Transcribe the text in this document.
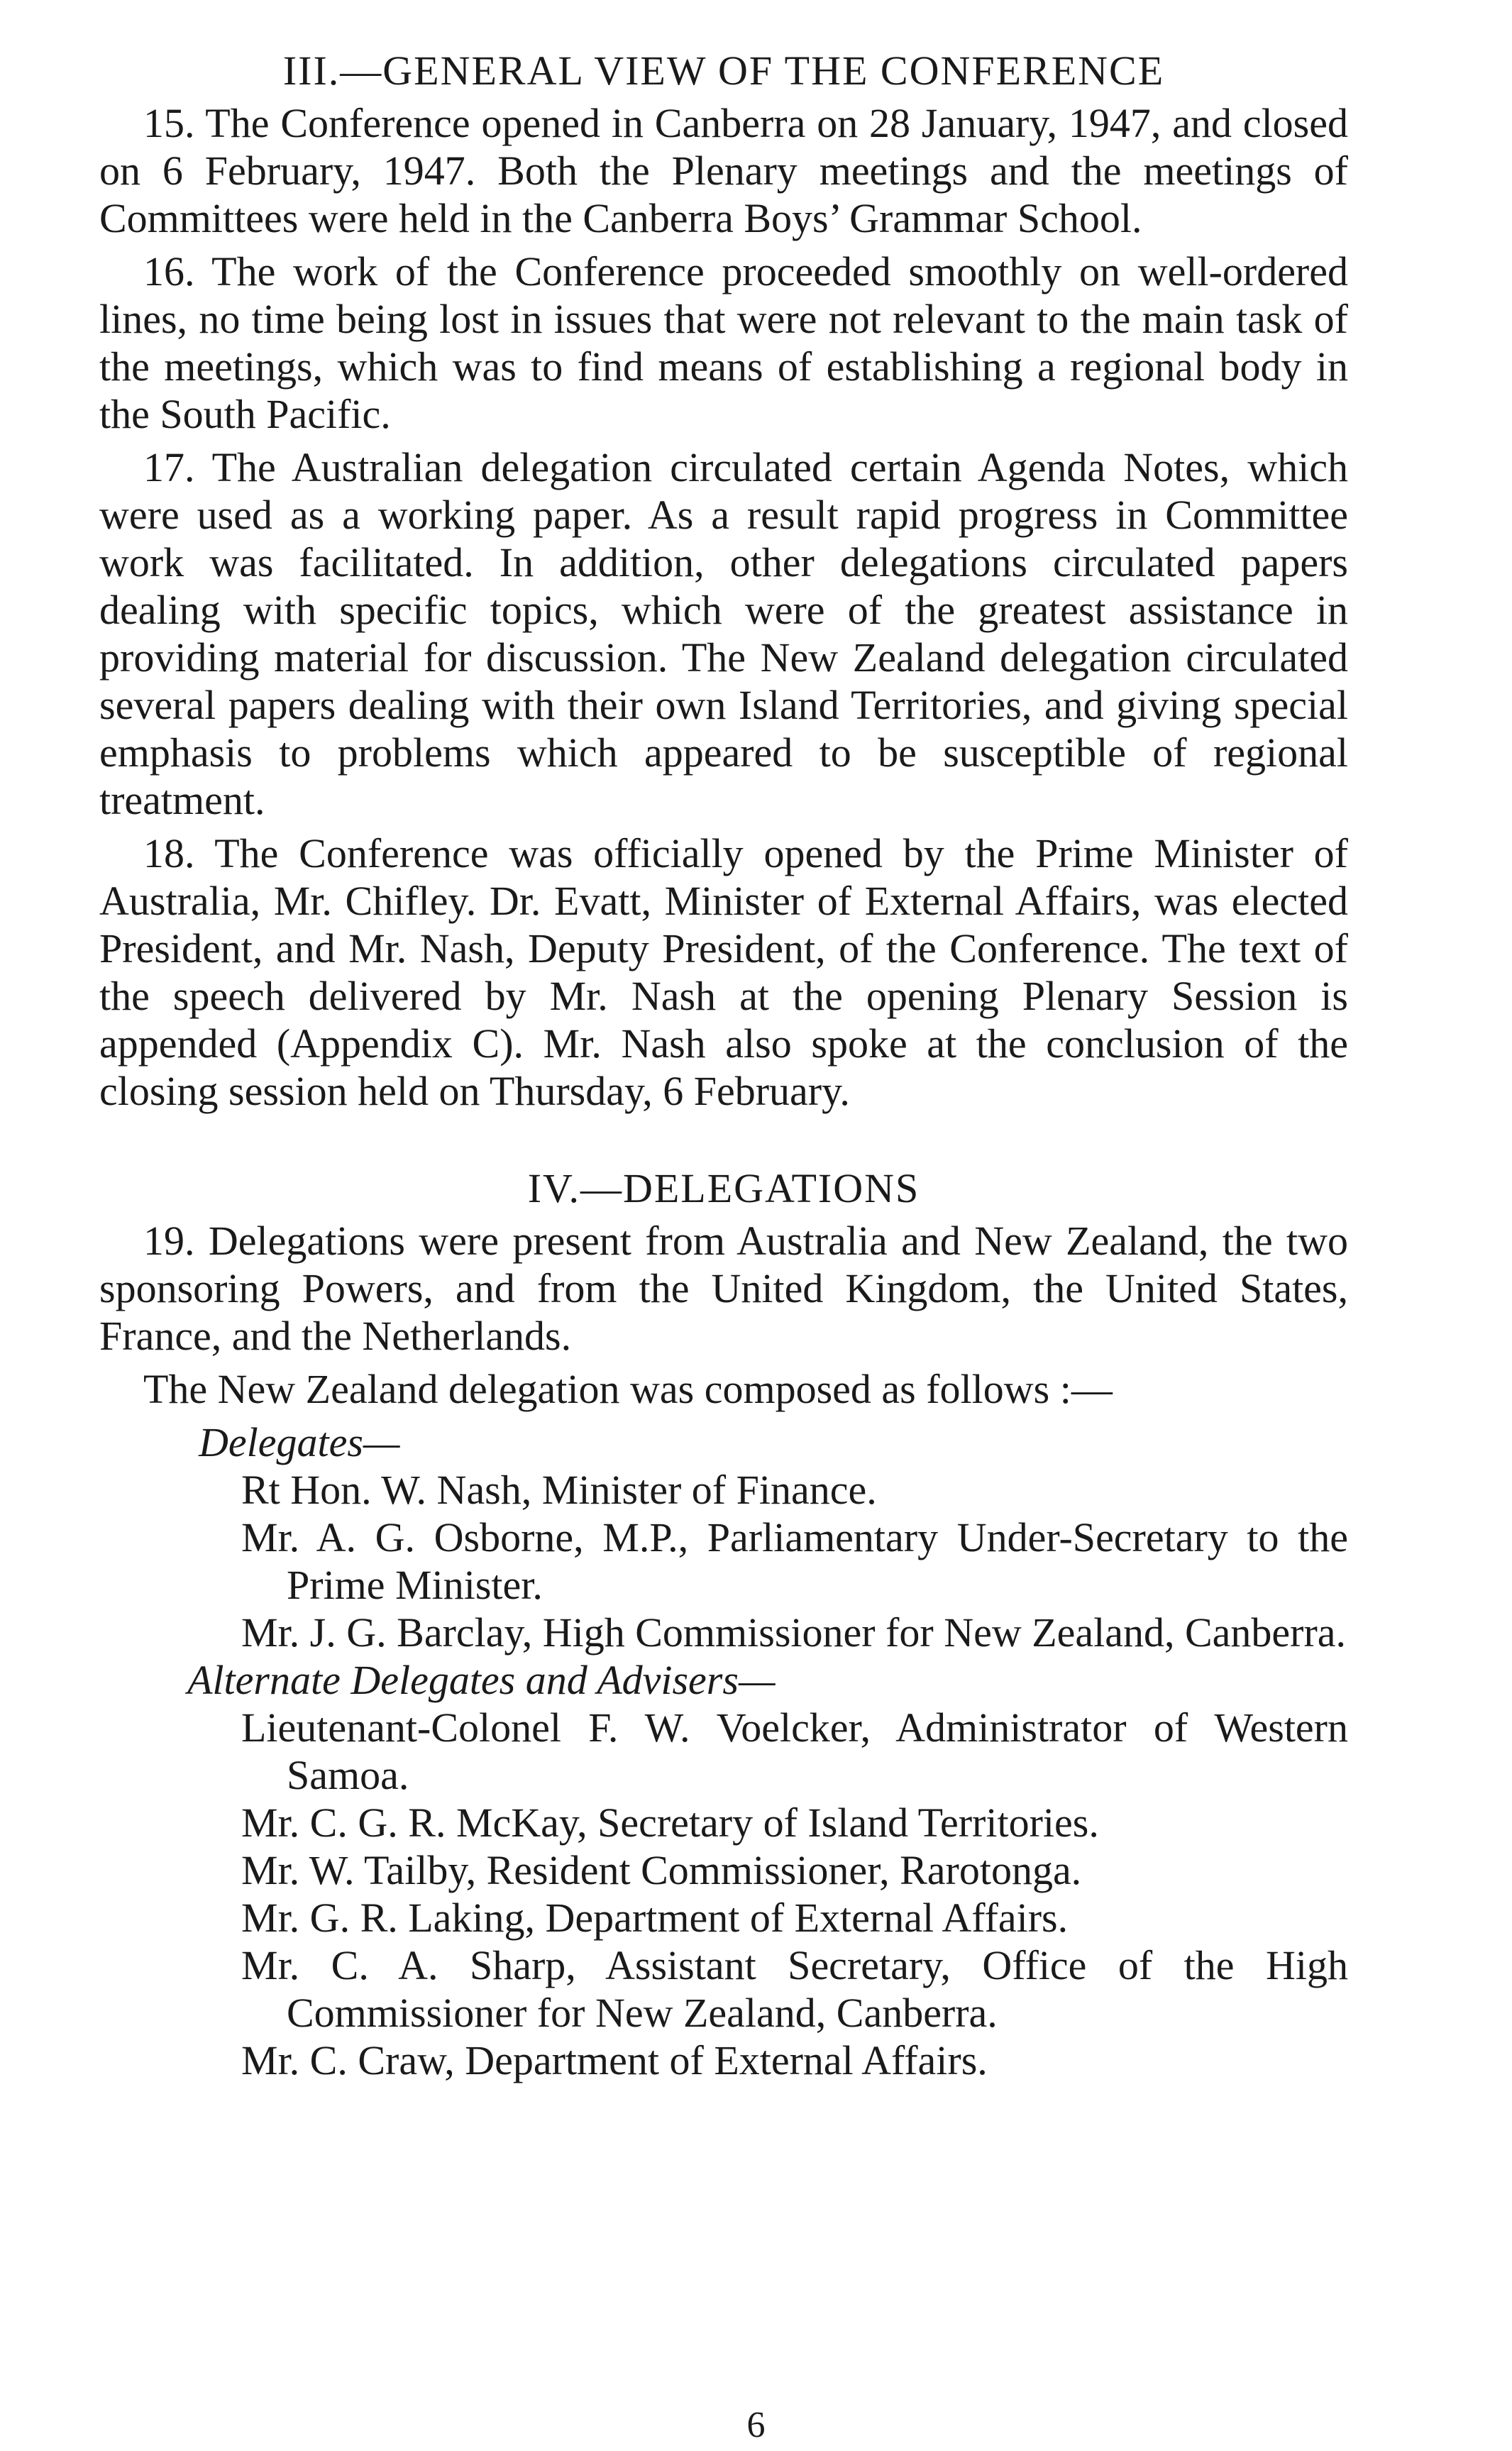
III.—GENERAL VIEW OF THE CONFERENCE

15. The Conference opened in Canberra on 28 January, 1947, and closed on 6 February, 1947. Both the Plenary meetings and the meetings of Committees were held in the Canberra Boys’ Grammar School.

16. The work of the Conference proceeded smoothly on well-ordered lines, no time being lost in issues that were not relevant to the main task of the meetings, which was to find means of establishing a regional body in the South Pacific.

17. The Australian delegation circulated certain Agenda Notes, which were used as a working paper. As a result rapid progress in Committee work was facilitated. In addition, other delegations circulated papers dealing with specific topics, which were of the greatest assistance in providing material for discussion. The New Zealand delegation circulated several papers dealing with their own Island Territories, and giving special emphasis to problems which appeared to be susceptible of regional treatment.

18. The Conference was officially opened by the Prime Minister of Australia, Mr. Chifley. Dr. Evatt, Minister of External Affairs, was elected President, and Mr. Nash, Deputy President, of the Conference. The text of the speech delivered by Mr. Nash at the opening Plenary Session is appended (Appendix C). Mr. Nash also spoke at the conclusion of the closing session held on Thursday, 6 February.

IV.—DELEGATIONS

19. Delegations were present from Australia and New Zealand, the two sponsoring Powers, and from the United Kingdom, the United States, France, and the Netherlands.

The New Zealand delegation was composed as follows :—

Delegates—
Rt Hon. W. Nash, Minister of Finance.
Mr. A. G. Osborne, M.P., Parliamentary Under-Secretary to the Prime Minister.
Mr. J. G. Barclay, High Commissioner for New Zealand, Canberra.
Alternate Delegates and Advisers—
Lieutenant-Colonel F. W. Voelcker, Administrator of Western Samoa.
Mr. C. G. R. McKay, Secretary of Island Territories.
Mr. W. Tailby, Resident Commissioner, Rarotonga.
Mr. G. R. Laking, Department of External Affairs.
Mr. C. A. Sharp, Assistant Secretary, Office of the High Commissioner for New Zealand, Canberra.
Mr. C. Craw, Department of External Affairs.
6
